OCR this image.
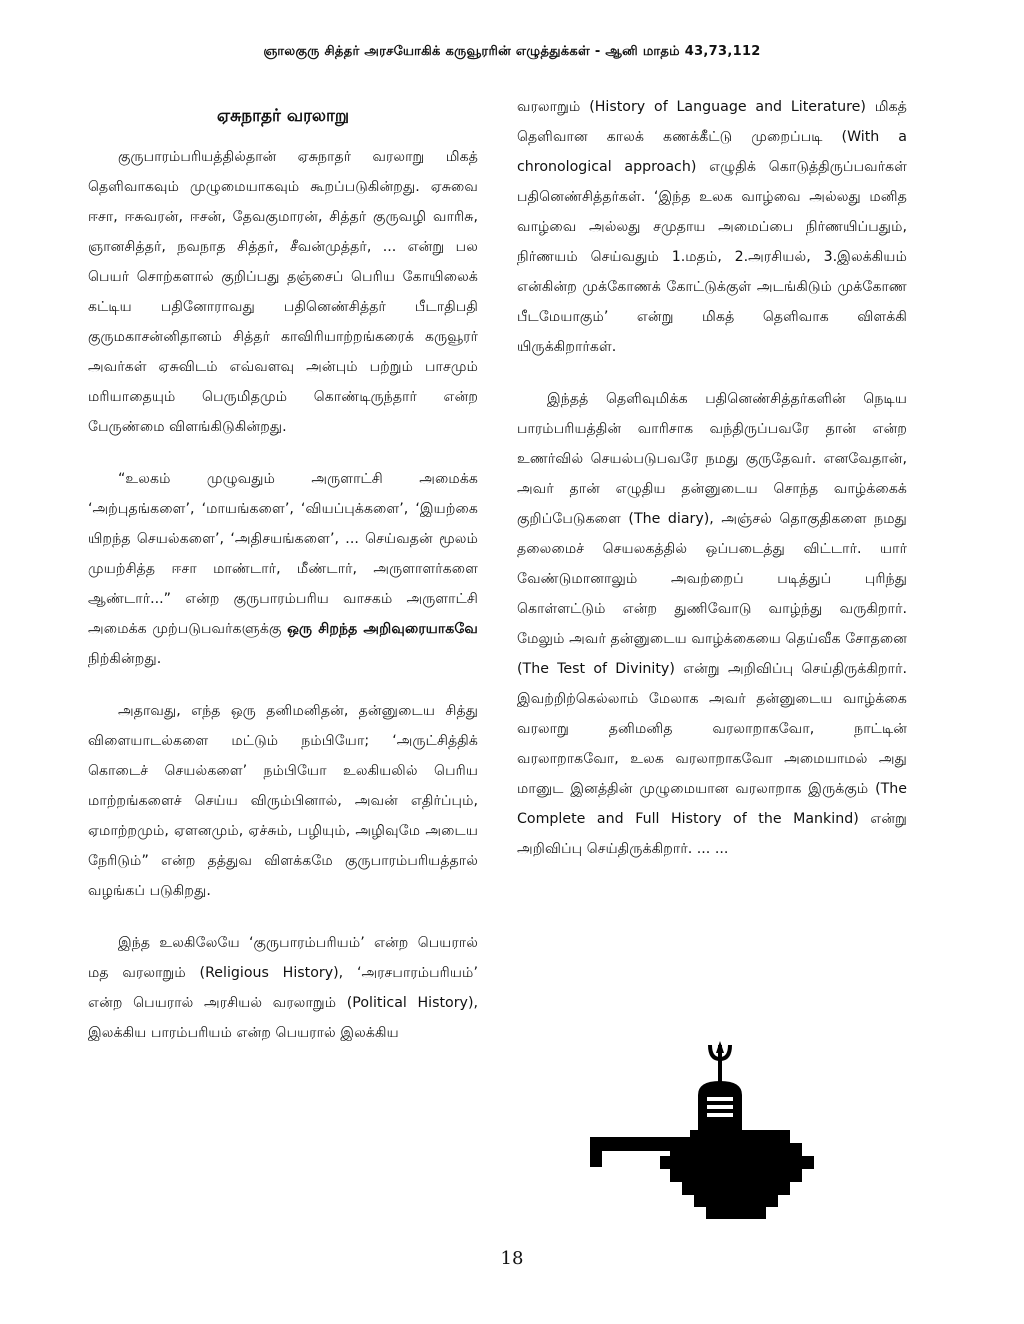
ஞாலகுரு சித்தர் அரசயோகிக் கருவூரரின் எழுத்துக்கள் - ஆனி மாதம் 43,73,112
ஏசுநாதர் வரலாறு

குருபாரம்பரியத்தில்தான் ஏசுநாதர் வரலாறு மிகத் தெளிவாகவும் முழுமையாகவும் கூறப்படுகின்றது. ஏசுவை ஈசா, ஈசுவரன், ஈசன், தேவகுமாரன், சித்தர் குருவழி வாரிசு, ஞானசித்தர், நவநாத சித்தர், சீவன்முத்தர், ... என்று பல பெயர் சொற்களால் குறிப்பது தஞ்சைப் பெரிய கோயிலைக் கட்டிய பதினோராவது பதினெண்சித்தர் பீடாதிபதி குருமகாசன்னிதானம் சித்தர் காவிரியாற்றங்கரைக் கருவூரர் அவர்கள் ஏசுவிடம் எவ்வளவு அன்பும் பற்றும் பாசமும் மரியாதையும் பெருமிதமும் கொண்டிருந்தார் என்ற பேருண்மை விளங்கிடுகின்றது.

“உலகம் முழுவதும் அருளாட்சி அமைக்க ‘அற்புதங்களை’, ‘மாயங்களை’, ‘வியப்புக்களை’, ‘இயற்கை யிறந்த செயல்களை’, ‘அதிசயங்களை’, ... செய்வதன் மூலம் முயற்சித்த ஈசா மாண்டார், மீண்டார், அருளாளர்களை ஆண்டார்...” என்ற குருபாரம்பரிய வாசகம் அருளாட்சி அமைக்க முற்படுபவர்களுக்கு ஒரு சிறந்த அறிவுரையாகவே நிற்கின்றது.

அதாவது, எந்த ஒரு தனிமனிதன், தன்னுடைய சித்து விளையாடல்களை மட்டும் நம்பியோ; ‘அருட்சித்திக் கொடைச் செயல்களை’ நம்பியோ உலகியலில் பெரிய மாற்றங்களைச் செய்ய விரும்பினால், அவன் எதிர்ப்பும், ஏமாற்றமும், ஏளனமும், ஏச்சும், பழியும், அழிவுமே அடைய நேரிடும்” என்ற தத்துவ விளக்கமே குருபாரம்பரியத்தால் வழங்கப் படுகிறது.

இந்த உலகிலேயே ‘குருபாரம்பரியம்’ என்ற பெயரால் மத வரலாறும் (Religious History), ‘அரசபாரம்பரியம்’ என்ற பெயரால் அரசியல் வரலாறும் (Political History), இலக்கிய பாரம்பரியம் என்ற பெயரால் இலக்கிய

வரலாறும் (History of Language and Literature) மிகத் தெளிவான காலக் கணக்கீட்டு முறைப்படி (With a chronological approach) எழுதிக் கொடுத்திருப்பவர்கள் பதினெண்சித்தர்கள். ‘இந்த உலக வாழ்வை அல்லது மனித வாழ்வை அல்லது சமுதாய அமைப்பை நிர்ணயிப்பதும், நிர்ணயம் செய்வதும் 1.மதம், 2.அரசியல், 3.இலக்கியம் என்கின்ற முக்கோணக் கோட்டுக்குள் அடங்கிடும் முக்கோண பீடமேயாகும்’ என்று மிகத் தெளிவாக விளக்கி யிருக்கிறார்கள்.

இந்தத் தெளிவுமிக்க பதினெண்சித்தர்களின் நெடிய பாரம்பரியத்தின் வாரிசாக வந்திருப்பவரே தான் என்ற உணர்வில் செயல்படுபவரே நமது குருதேவர். எனவேதான், அவர் தான் எழுதிய தன்னுடைய சொந்த வாழ்க்கைக் குறிப்பேடுகளை (The diary), அஞ்சல் தொகுதிகளை நமது தலைமைச் செயலகத்தில் ஒப்படைத்து விட்டார். யார் வேண்டுமானாலும் அவற்றைப் படித்துப் புரிந்து கொள்ளட்டும் என்ற துணிவோடு வாழ்ந்து வருகிறார். மேலும் அவர் தன்னுடைய வாழ்க்கையை தெய்வீக சோதனை (The Test of Divinity) என்று அறிவிப்பு செய்திருக்கிறார். இவற்றிற்கெல்லாம் மேலாக அவர் தன்னுடைய வாழ்க்கை வரலாறு தனிமனித வரலாறாகவோ, நாட்டின் வரலாறாகவோ, உலக வரலாறாகவோ அமையாமல் அது மானுட இனத்தின் முழுமையான வரலாறாக இருக்கும் (The Complete and Full History of the Mankind) என்று அறிவிப்பு செய்திருக்கிறார். ... ...

18
